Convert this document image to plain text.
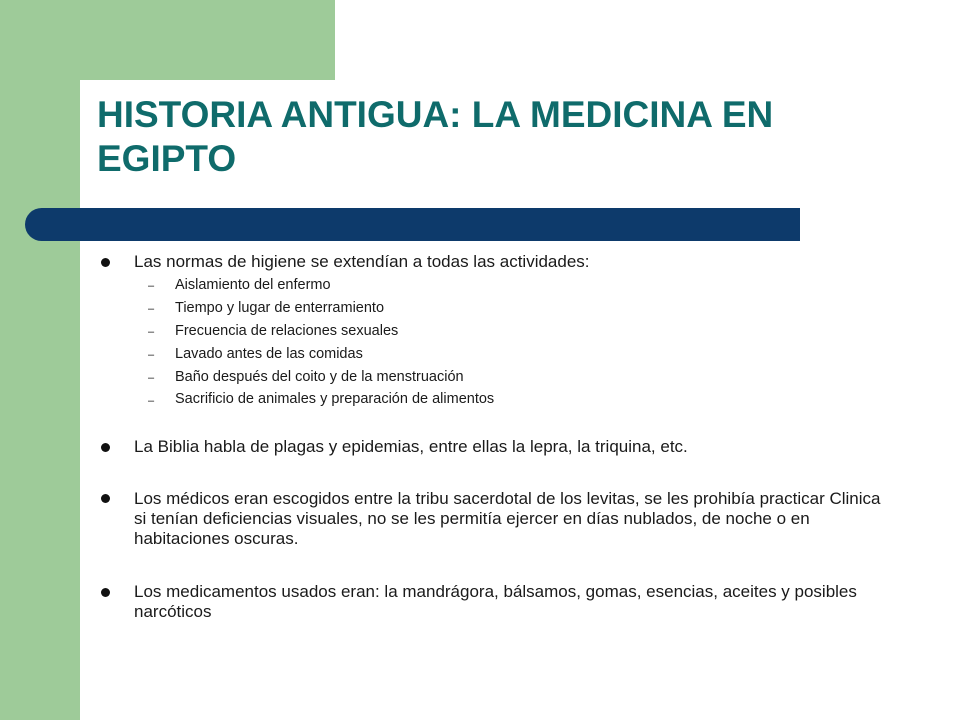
HISTORIA ANTIGUA: LA MEDICINA EN EGIPTO
Las normas de higiene se extendían a todas las actividades:
– Aislamiento del enfermo
– Tiempo y lugar de enterramiento
– Frecuencia de relaciones sexuales
– Lavado antes de las comidas
– Baño después del coito y de la menstruación
– Sacrificio de animales y preparación de alimentos
La Biblia habla de plagas y epidemias, entre ellas la lepra, la triquina, etc.
Los médicos eran escogidos entre la tribu sacerdotal de los levitas, se les prohibía practicar Clinica si tenían deficiencias visuales, no se les permitía ejercer en días nublados, de noche o en habitaciones oscuras.
Los medicamentos usados eran: la mandrágora, bálsamos, gomas, esencias, aceites y posibles narcóticos
